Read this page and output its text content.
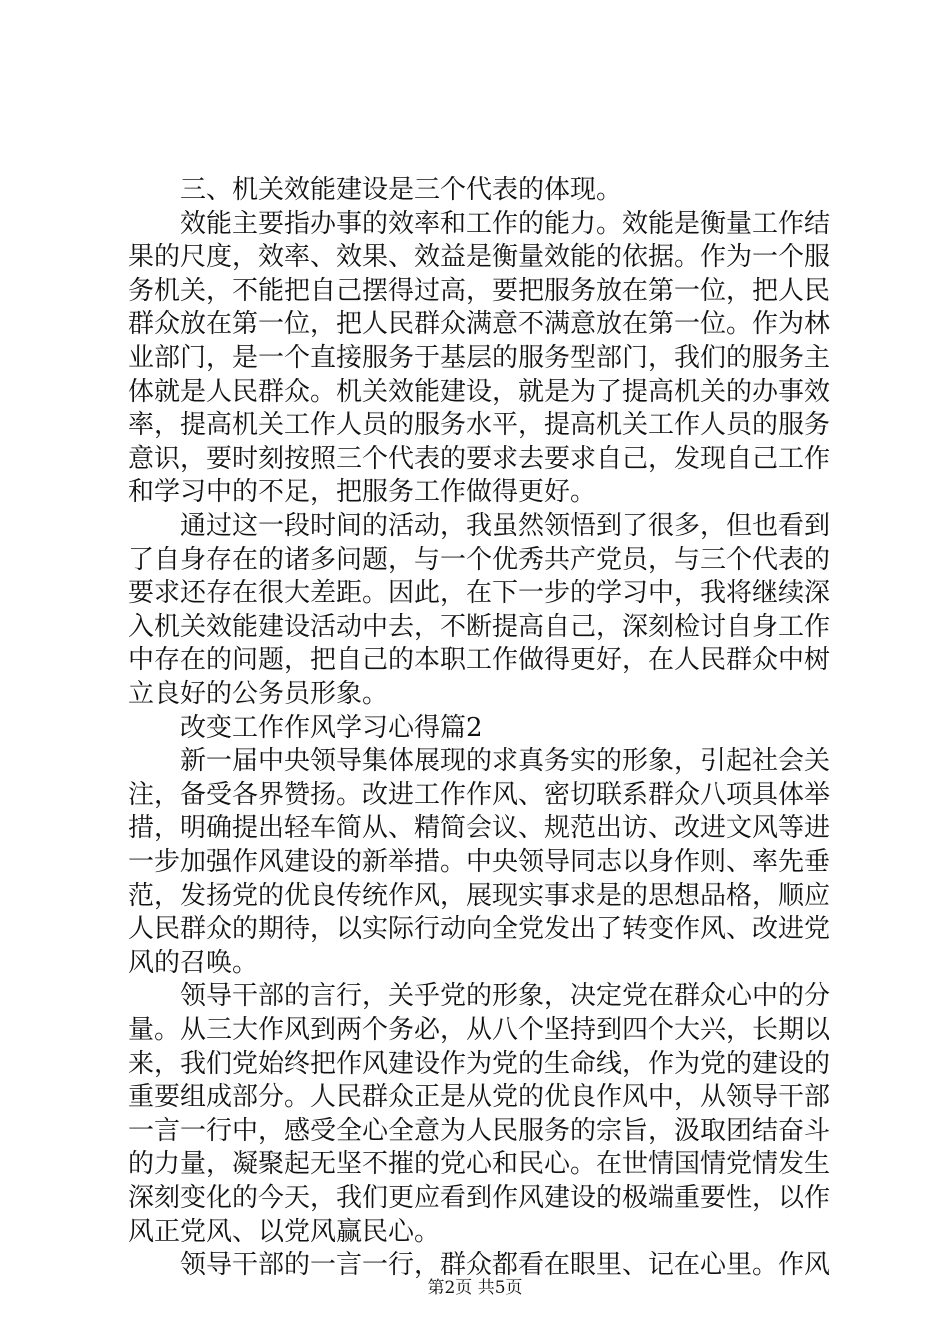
三、机关效能建设是三个代表的体现。
效能主要指办事的效率和工作的能力。效能是衡量工作结
果的尺度，效率、效果、效益是衡量效能的依据。作为一个服
务机关，不能把自己摆得过高，要把服务放在第一位，把人民
群众放在第一位，把人民群众满意不满意放在第一位。作为林
业部门，是一个直接服务于基层的服务型部门，我们的服务主
体就是人民群众。机关效能建设，就是为了提高机关的办事效
率，提高机关工作人员的服务水平，提高机关工作人员的服务
意识，要时刻按照三个代表的要求去要求自己，发现自己工作
和学习中的不足，把服务工作做得更好。
通过这一段时间的活动，我虽然领悟到了很多，但也看到
了自身存在的诸多问题，与一个优秀共产党员，与三个代表的
要求还存在很大差距。因此，在下一步的学习中，我将继续深
入机关效能建设活动中去，不断提高自己，深刻检讨自身工作
中存在的问题，把自己的本职工作做得更好，在人民群众中树
立良好的公务员形象。
改变工作作风学习心得篇2
新一届中央领导集体展现的求真务实的形象，引起社会关
注，备受各界赞扬。改进工作作风、密切联系群众八项具体举
措，明确提出轻车简从、精简会议、规范出访、改进文风等进
一步加强作风建设的新举措。中央领导同志以身作则、率先垂
范，发扬党的优良传统作风，展现实事求是的思想品格，顺应
人民群众的期待，以实际行动向全党发出了转变作风、改进党
风的召唤。
领导干部的言行，关乎党的形象，决定党在群众心中的分
量。从三大作风到两个务必，从八个坚持到四个大兴，长期以
来，我们党始终把作风建设作为党的生命线，作为党的建设的
重要组成部分。人民群众正是从党的优良作风中，从领导干部
一言一行中，感受全心全意为人民服务的宗旨，汲取团结奋斗
的力量，凝聚起无坚不摧的党心和民心。在世情国情党情发生
深刻变化的今天，我们更应看到作风建设的极端重要性，以作
风正党风、以党风赢民心。
领导干部的一言一行，群众都看在眼里、记在心里。作风
第2页 共5页
